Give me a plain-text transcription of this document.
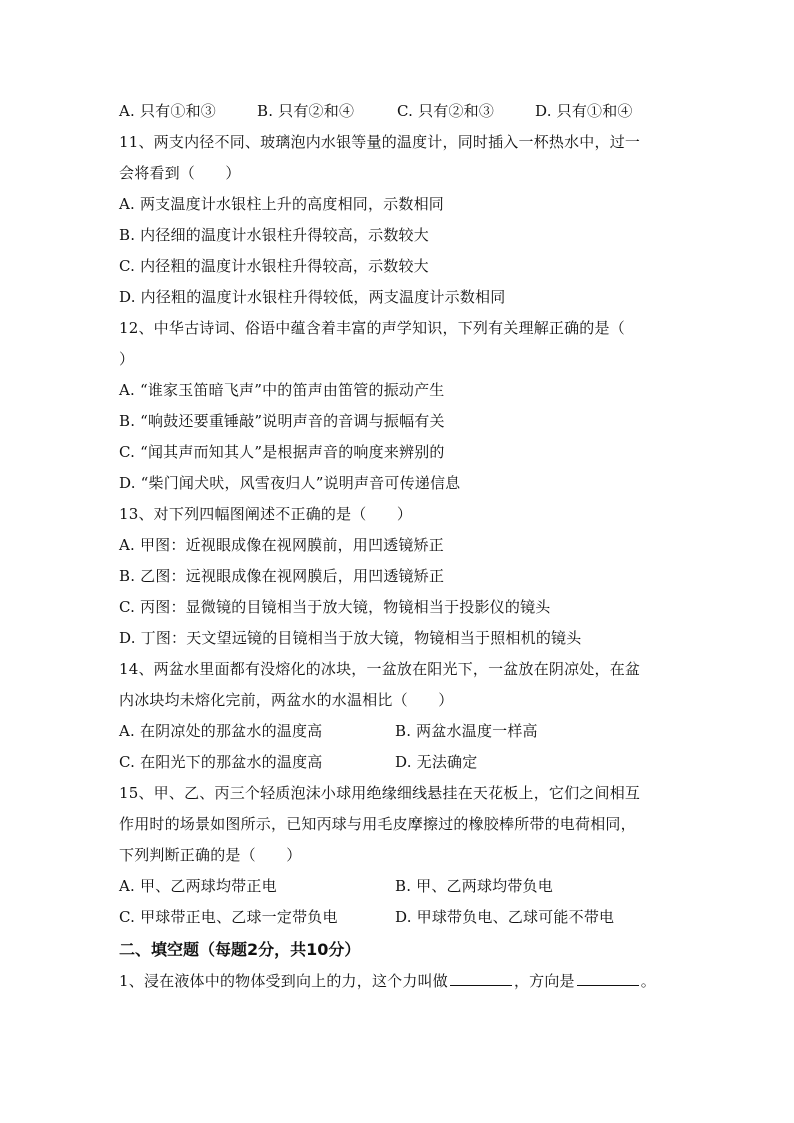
A. 只有①和③	B. 只有②和④	C. 只有②和③	D. 只有①和④
11、两支内径不同、玻璃泡内水银等量的温度计，同时插入一杯热水中，过一
会将看到（　　）
A. 两支温度计水银柱上升的高度相同，示数相同
B. 内径细的温度计水银柱升得较高，示数较大
C. 内径粗的温度计水银柱升得较高，示数较大
D. 内径粗的温度计水银柱升得较低，两支温度计示数相同
12、中华古诗词、俗语中蕴含着丰富的声学知识，下列有关理解正确的是（
）
A. “谁家玉笛暗飞声”中的笛声由笛管的振动产生
B. “响鼓还要重锤敲”说明声音的音调与振幅有关
C. “闻其声而知其人”是根据声音的响度来辨别的
D. “柴门闻犬吠，风雪夜归人”说明声音可传递信息
13、对下列四幅图阐述不正确的是（　　）
A. 甲图：近视眼成像在视网膜前，用凹透镜矫正
B. 乙图：远视眼成像在视网膜后，用凹透镜矫正
C. 丙图：显微镜的目镜相当于放大镜，物镜相当于投影仪的镜头
D. 丁图：天文望远镜的目镜相当于放大镜，物镜相当于照相机的镜头
14、两盆水里面都有没熔化的冰块，一盆放在阳光下，一盆放在阴凉处，在盆
内冰块均未熔化完前，两盆水的水温相比（　　）
A. 在阴凉处的那盆水的温度高	B. 两盆水温度一样高
C. 在阳光下的那盆水的温度高	D. 无法确定
15、甲、乙、丙三个轻质泡沫小球用绝缘细线悬挂在天花板上，它们之间相互
作用时的场景如图所示，已知丙球与用毛皮摩擦过的橡胶棒所带的电荷相同，
下列判断正确的是（　　）
A. 甲、乙两球均带正电	B. 甲、乙两球均带负电
C. 甲球带正电、乙球一定带负电	D. 甲球带负电、乙球可能不带电
二、填空题（每题2分，共10分）
1、浸在液体中的物体受到向上的力，这个力叫做	，方向是	。
